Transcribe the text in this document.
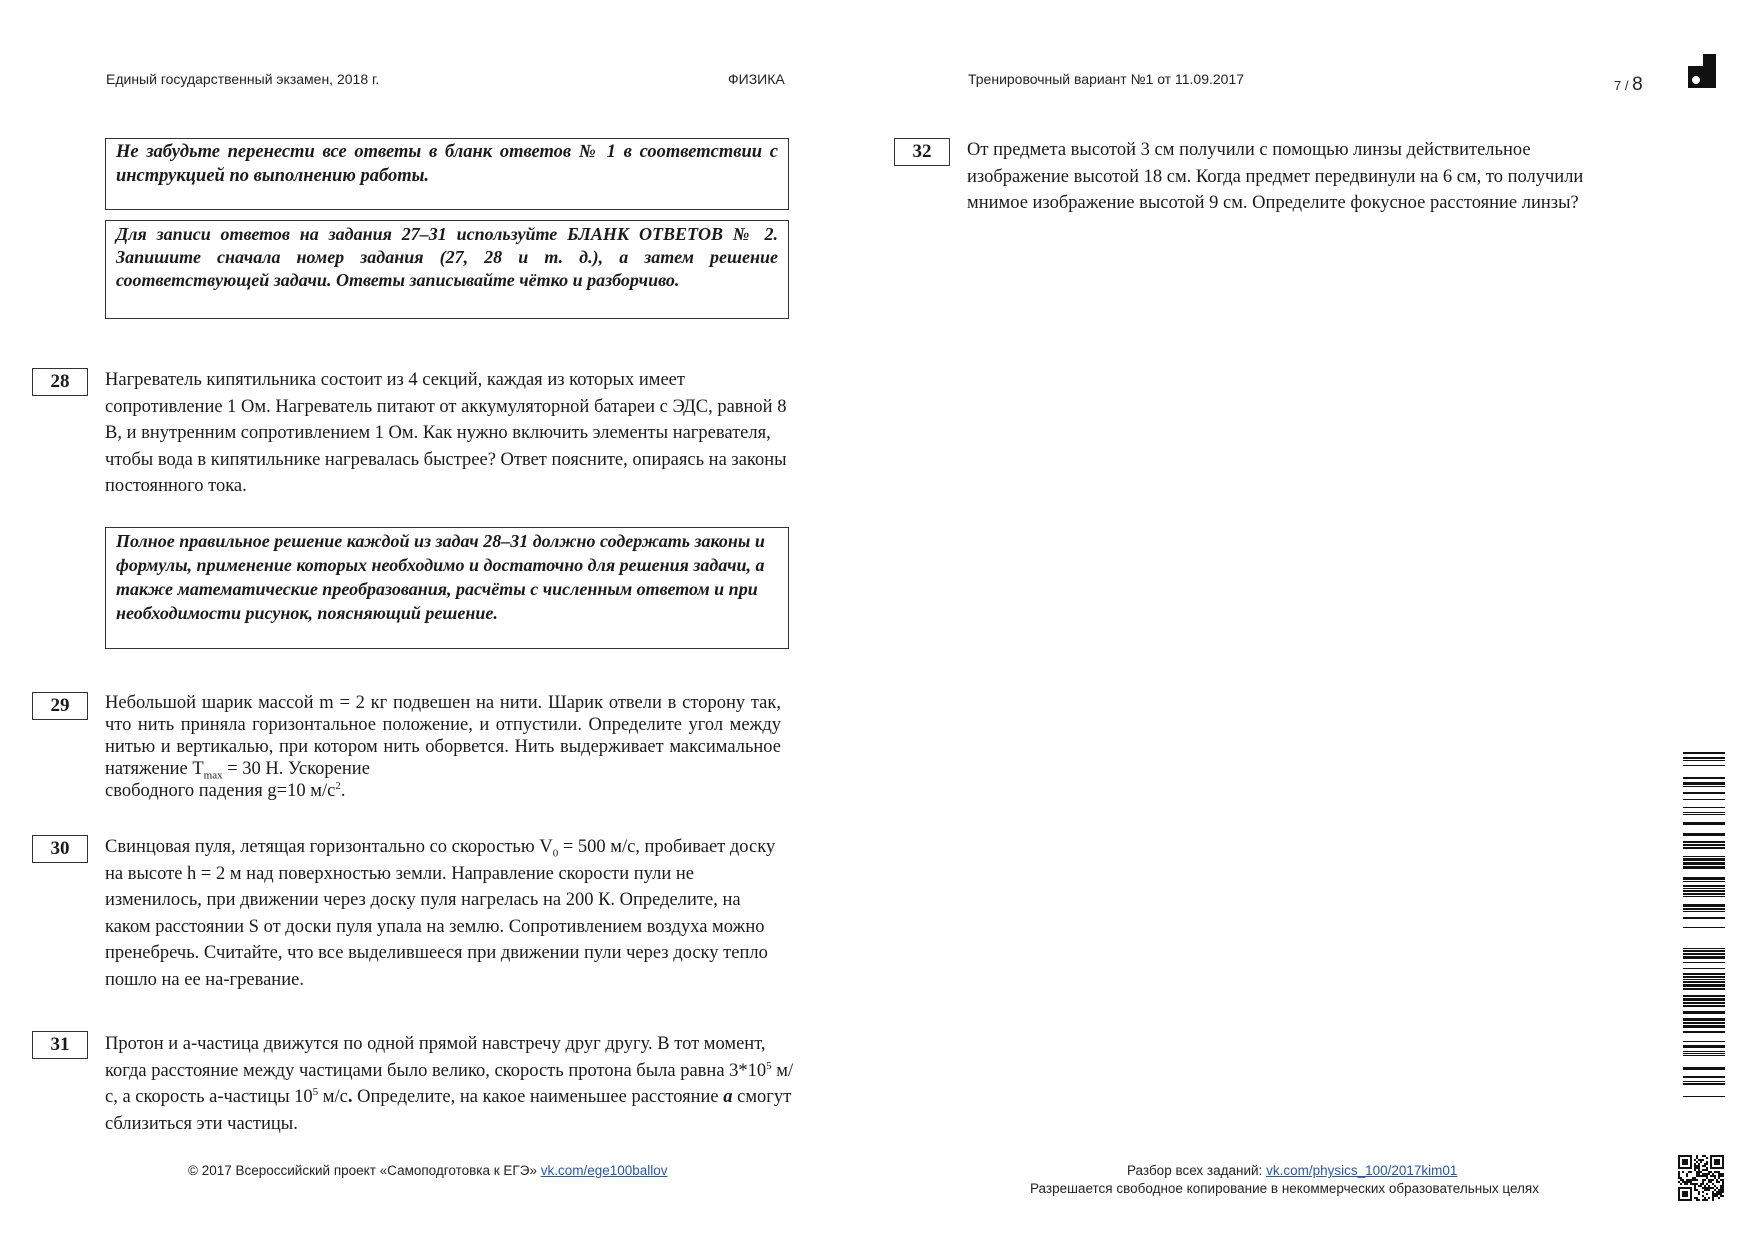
Единый государственный экзамен, 2018 г.	ФИЗИКА	Тренировочный вариант №1 от 11.09.2017	7 / 8
Не забудьте перенести все ответы в бланк ответов № 1 в соответствии с инструкцией по выполнению работы.
Для записи ответов на задания 27–31 используйте БЛАНК ОТВЕТОВ № 2. Запишите сначала номер задания (27, 28 и т. д.), а затем решение соответствующей задачи. Ответы записывайте чётко и разборчиво.
28	Нагреватель кипятильника состоит из 4 секций, каждая из которых имеет сопротивление 1 Ом. Нагреватель питают от аккумуляторной батареи с ЭДС, равной 8 В, и внутренним сопротивлением 1 Ом. Как нужно включить элементы нагревателя, чтобы вода в кипятильнике нагревалась быстрее? Ответ поясните, опираясь на законы постоянного тока.
Полное правильное решение каждой из задач 28–31 должно содержать законы и формулы, применение которых необходимо и достаточно для решения задачи, а также математические преобразования, расчёты с численным ответом и при необходимости рисунок, поясняющий решение.
29	Небольшой шарик массой m = 2 кг подвешен на нити. Шарик отвели в сторону так, что нить приняла горизонтальное положение, и отпустили. Определите угол между нитью и вертикалью, при котором нить оборвется. Нить выдерживает максимальное натяжение $T_{max} = 30$ Н. Ускорение
свободного падения g=10 $м/с^2$.
30	Свинцовая пуля, летящая горизонтально со скоростью $V_0 = 500$ м/с, пробивает доску на высоте h = 2 м над поверхностью земли. Направление скорости пули не изменилось, при движении через доску пуля нагрелась на 200 К. Определите, на каком расстоянии S от доски пуля упала на землю. Сопротивлением воздуха можно пренебречь. Считайте, что все выделившееся при движении пули через доску тепло пошло на ее на-гревание.
31	Протон и а-частица движутся по одной прямой навстречу друг другу. В тот момент, когда расстояние между частицами было велико, скорость протона была равна $3*10^5$ м/с, а скорость а-частицы $10^5$ м/с. Определите, на какое наименьшее расстояние а смогут сблизиться эти частицы.
32	От предмета высотой 3 см получили с помощью линзы действительное изображение высотой 18 см. Когда предмет передвинули на 6 см, то получили мнимое изображение высотой 9 см. Определите фокусное расстояние линзы?
© 2017 Всероссийский проект «Самоподготовка к ЕГЭ» vk.com/ege100ballov	Разбор всех заданий: vk.com/physics_100/2017kim01
Разрешается свободное копирование в некоммерческих образовательных целях
